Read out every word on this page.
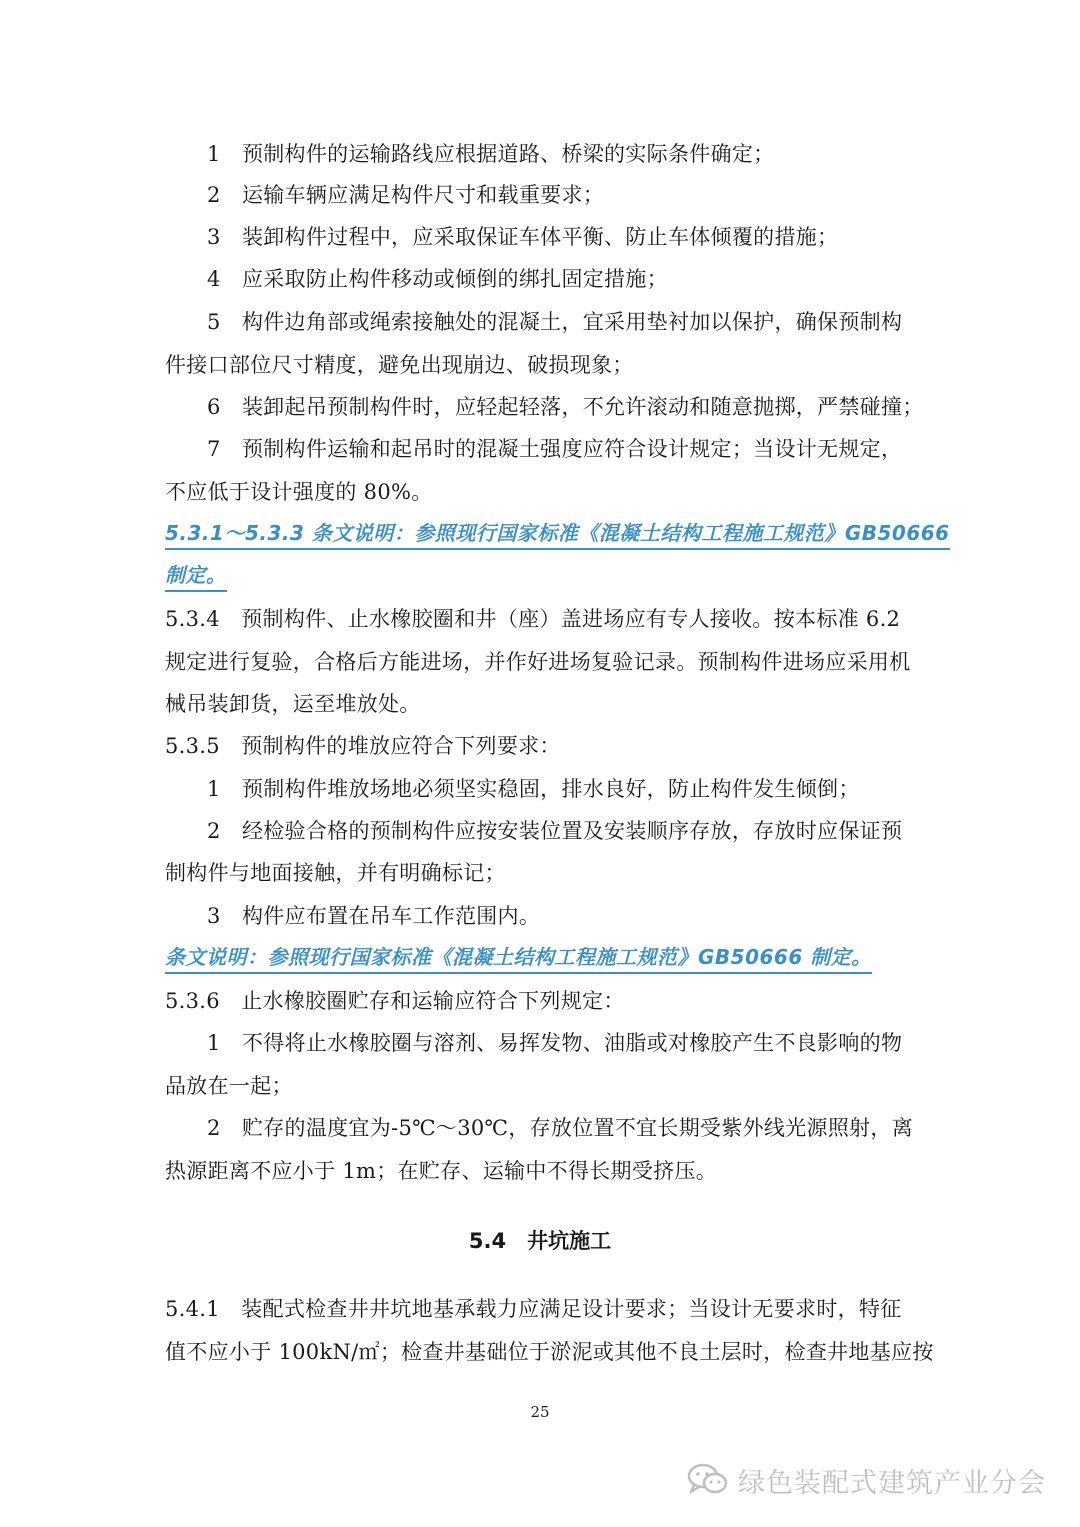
1　预制构件的运输路线应根据道路、桥梁的实际条件确定；
2　运输车辆应满足构件尺寸和载重要求；
3　装卸构件过程中，应采取保证车体平衡、防止车体倾覆的措施；
4　应采取防止构件移动或倾倒的绑扎固定措施；
5　构件边角部或绳索接触处的混凝土，宜采用垫衬加以保护，确保预制构
件接口部位尺寸精度，避免出现崩边、破损现象；
6　装卸起吊预制构件时，应轻起轻落，不允许滚动和随意抛掷，严禁碰撞；
7　预制构件运输和起吊时的混凝土强度应符合设计规定；当设计无规定，
不应低于设计强度的 80%。
5.3.1～5.3.3 条文说明：参照现行国家标准《混凝土结构工程施工规范》GB50666
制定。
5.3.4　预制构件、止水橡胶圈和井（座）盖进场应有专人接收。按本标准 6.2
规定进行复验，合格后方能进场，并作好进场复验记录。预制构件进场应采用机
械吊装卸货，运至堆放处。
5.3.5　预制构件的堆放应符合下列要求：
1　预制构件堆放场地必须坚实稳固，排水良好，防止构件发生倾倒；
2　经检验合格的预制构件应按安装位置及安装顺序存放，存放时应保证预
制构件与地面接触，并有明确标记；
3　构件应布置在吊车工作范围内。
条文说明：参照现行国家标准《混凝土结构工程施工规范》GB50666 制定。
5.3.6　止水橡胶圈贮存和运输应符合下列规定：
1　不得将止水橡胶圈与溶剂、易挥发物、油脂或对橡胶产生不良影响的物
品放在一起；
2　贮存的温度宜为-5℃～30℃，存放位置不宜长期受紫外线光源照射，离
热源距离不应小于 1m；在贮存、运输中不得长期受挤压。
5.4　井坑施工
5.4.1　装配式检查井井坑地基承载力应满足设计要求；当设计无要求时，特征
值不应小于 100kN/㎡；检查井基础位于淤泥或其他不良土层时，检查井地基应按
25
绿色装配式建筑产业分会
